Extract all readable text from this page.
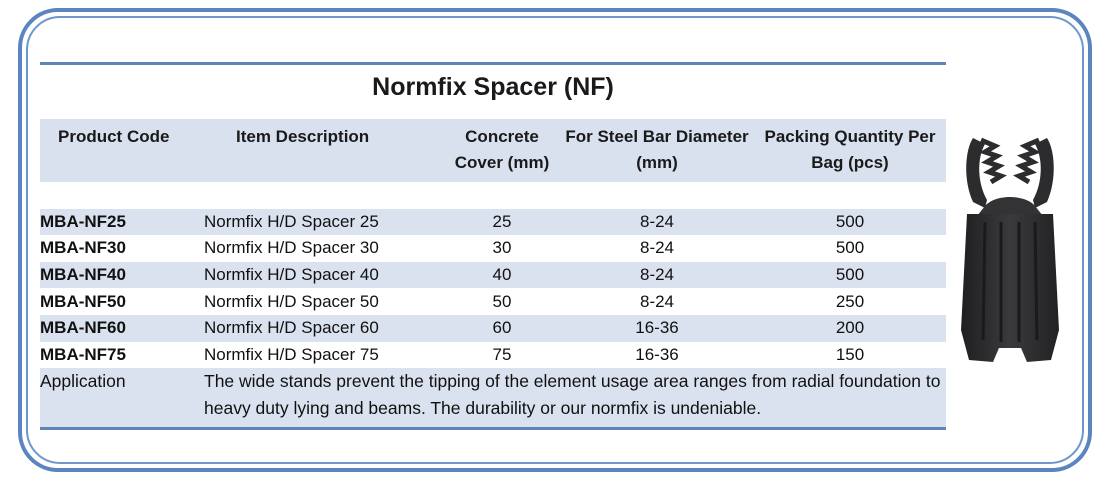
Normfix Spacer (NF)
Product Code	Item Description	Concrete Cover (mm)	For Steel Bar Diameter (mm)	Packing Quantity Per Bag (pcs)

MBA-NF25	Normfix H/D Spacer 25	25	8-24	500
MBA-NF30	Normfix H/D Spacer 30	30	8-24	500
MBA-NF40	Normfix H/D Spacer 40	40	8-24	500
MBA-NF50	Normfix H/D Spacer 50	50	8-24	250
MBA-NF60	Normfix H/D Spacer 60	60	16-36	200
MBA-NF75	Normfix H/D Spacer 75	75	16-36	150
Application	The wide stands prevent the tipping of the element usage area ranges from radial foundation to heavy duty lying and beams. The durability or our normfix is undeniable.			
